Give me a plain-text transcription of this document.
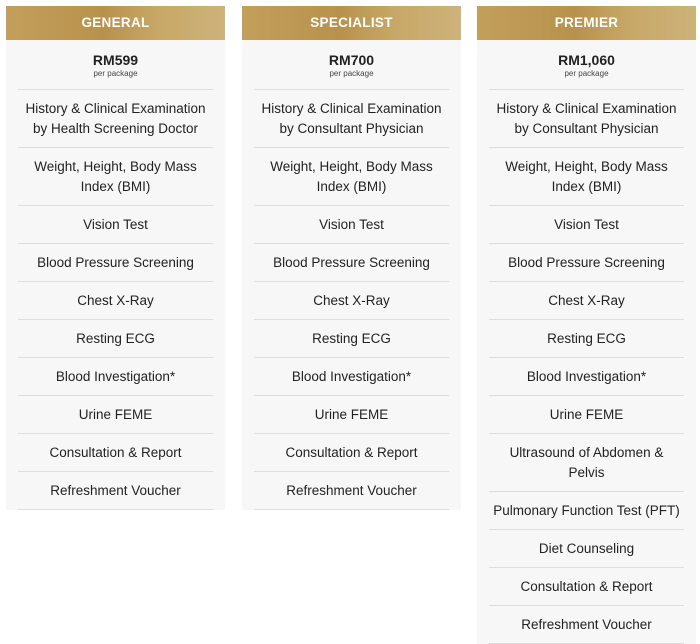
GENERAL
RM599
per package
History & Clinical Examination by Health Screening Doctor
Weight, Height, Body Mass Index (BMI)
Vision Test
Blood Pressure Screening
Chest X-Ray
Resting ECG
Blood Investigation*
Urine FEME
Consultation & Report
Refreshment Voucher
SPECIALIST
RM700
per package
History & Clinical Examination by Consultant Physician
Weight, Height, Body Mass Index (BMI)
Vision Test
Blood Pressure Screening
Chest X-Ray
Resting ECG
Blood Investigation*
Urine FEME
Consultation & Report
Refreshment Voucher
PREMIER
RM1,060
per package
History & Clinical Examination by Consultant Physician
Weight, Height, Body Mass Index (BMI)
Vision Test
Blood Pressure Screening
Chest X-Ray
Resting ECG
Blood Investigation*
Urine FEME
Ultrasound of Abdomen & Pelvis
Pulmonary Function Test (PFT)
Diet Counseling
Consultation & Report
Refreshment Voucher
